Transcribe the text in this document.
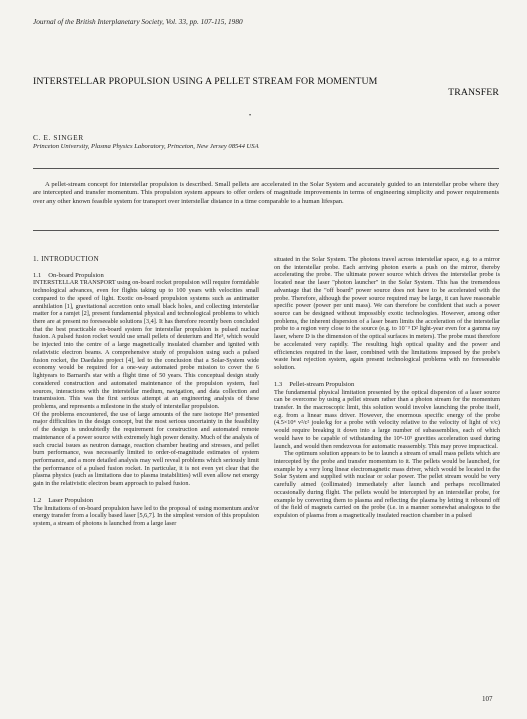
Journal of the British Interplanetary Society, Vol. 33, pp. 107-115, 1980
INTERSTELLAR PROPULSION USING A PELLET STREAM FOR MOMENTUM
TRANSFER
•
C. E. SINGER
Princeton University, Plasma Physics Laboratory, Princeton, New Jersey 08544 USA

A pellet-stream concept for interstellar propulsion is described. Small pellets are accelerated in the Solar System and accurately guided to an interstellar probe where they are intercepted and transfer momentum. This propulsion system appears to offer orders of magnitude improvements in terms of engineering simplicity and power requirements over any other known feasible system for transport over interstellar distance in a time comparable to a human lifespan.

1. INTRODUCTION
1.1 On-board Propulsion

INTERSTELLAR TRANSPORT using on-board rocket propulsion will require formidable technological advances, even for flights taking up to 100 years with velocities small compared to the speed of light. Exotic on-board propulsion systems such as antimatter annihilation [1], gravitational accretion onto small black holes, and collecting interstellar matter for a ramjet [2], present fundamental physical and technological problems to which there are at present no foreseeable solutions [3,4]. It has therefore recently been concluded that the best practicable on-board system for interstellar propulsion is pulsed nuclear fusion. A pulsed fusion rocket would use small pellets of deuterium and He³, which would be injected into the centre of a large magnetically insulated chamber and ignited with relativistic electron beams. A comprehensive study of propulsion using such a pulsed fusion rocket, the Daedalus project [4], led to the conclusion that a Solar-System wide economy would be required for a one-way automated probe mission to cover the 6 lightyears to Barnard's star with a flight time of 50 years. This conceptual design study considered construction and automated maintenance of the propulsion system, fuel sources, interactions with the interstellar medium, navigation, and data collection and transmission. This was the first serious attempt at an engineering analysis of these problems, and represents a milestone in the study of interstellar propulsion.

Of the problems encountered, the use of large amounts of the rare isotope He³ presented major difficulties in the design concept, but the most serious uncertainty in the feasibility of the design is undoubtedly the requirement for construction and automated remote maintenance of a power source with extremely high power density. Much of the analysis of such crucial issues as neutron damage, reaction chamber heating and stresses, and pellet burn performance, was necessarily limited to order-of-magnitude estimates of system performance, and a more detailed analysis may well reveal problems which seriously limit the performance of a pulsed fusion rocket. In particular, it is not even yet clear that the plasma physics (such as limitations due to plasma instabilities) will even allow net energy gain in the relativistic electron beam approach to pulsed fusion.

1.2 Laser Propulsion

The limitations of on-board propulsion have led to the proposal of using momentum and/or energy transfer from a locally based laser [5,6,7]. In the simplest version of this propulsion system, a stream of photons is launched from a large laser

situated in the Solar System. The photons travel across interstellar space, e.g. to a mirror on the interstellar probe. Each arriving photon exerts a push on the mirror, thereby accelerating the probe. The ultimate power source which drives the interstellar probe is located near the laser "photon launcher" in the Solar System. This has the tremendous advantage that the "off board" power source does not have to be accelerated with the probe. Therefore, although the power source required may be large, it can have reasonable specific power (power per unit mass). We can therefore be confident that such a power source can be designed without impossibly exotic technologies. However, among other problems, the inherent dispersion of a laser beam limits the acceleration of the interstellar probe to a region very close to the source (e.g. to 10⁻³ D² light-year even for a gamma ray laser, where D is the dimension of the optical surfaces in meters). The probe must therefore be accelerated very rapidly. The resulting high optical quality and the power and efficiencies required in the laser, combined with the limitations imposed by the probe's waste heat rejection system, again present technological problems with no foreseeable solution.

1.3 Pellet-stream Propulsion

The fundamental physical limitation presented by the optical dispersion of a laser source can be overcome by using a pellet stream rather than a photon stream for the momentum transfer. In the macroscopic limit, this solution would involve launching the probe itself, e.g. from a linear mass driver. However, the enormous specific energy of the probe (4.5×10⁴ v²/c² joule/kg for a probe with velocity relative to the velocity of light of v/c) would require breaking it down into a large number of subassemblies, each of which would have to be capable of withstanding the 10⁴-10⁵ gravities acceleration used during launch, and would then rendezvous for automatic reassembly. This may prove impractical.

The optimum solution appears to be to launch a stream of small mass pellets which are intercepted by the probe and transfer momentum to it. The pellets would be launched, for example by a very long linear electromagnetic mass driver, which would be located in the Solar System and supplied with nuclear or solar power. The pellet stream would be very carefully aimed (collimated) immediately after launch and perhaps recollimated occasionally during flight. The pellets would be intercepted by an interstellar probe, for example by converting them to plasma and reflecting the plasma by letting it rebound off of the field of magnets carried on the probe (i.e. in a manner somewhat analogous to the expulsion of plasma from a magnetically insulated reaction chamber in a pulsed

107
